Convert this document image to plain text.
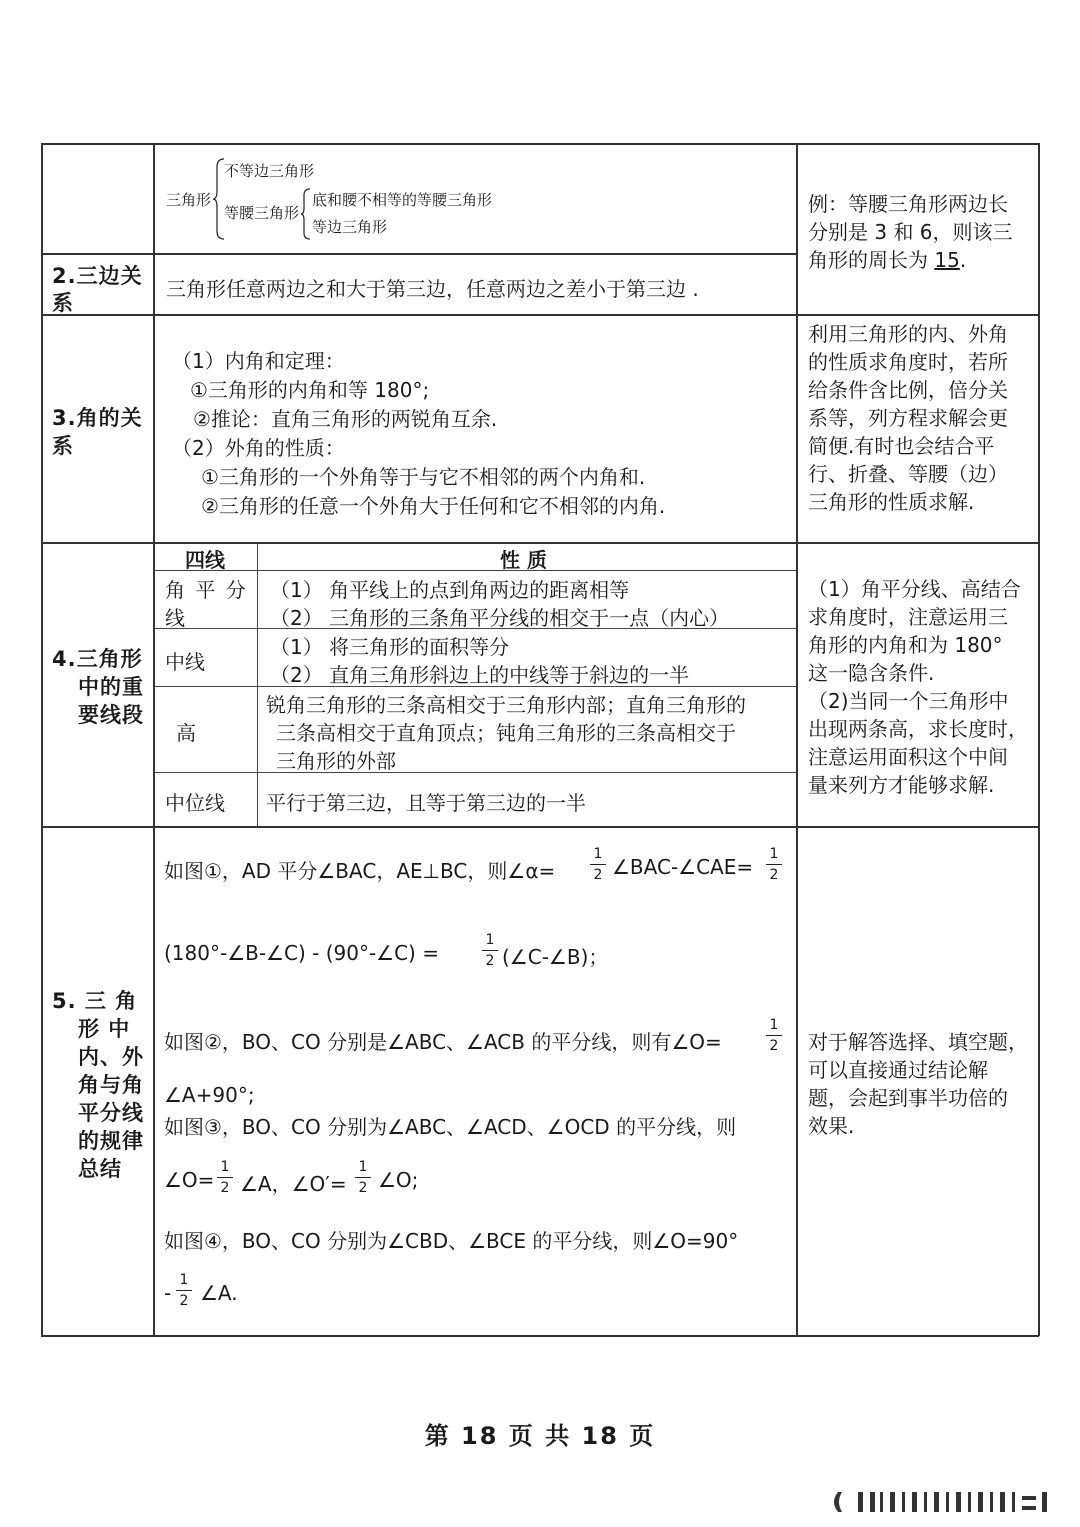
三角形
不等边三角形
等腰三角形
底和腰不相等的等腰三角形
等边三角形
例：等腰三角形两边长
分别是 3 和 6，则该三
角形的周长为 15.
2.三边关
系
三角形任意两边之和大于第三边，任意两边之差小于第三边 .
3.角的关
系
（1）内角和定理：
①三角形的内角和等 180°;
②推论：直角三角形的两锐角互余.
（2）外角的性质：
①三角形的一个外角等于与它不相邻的两个内角和.
②三角形的任意一个外角大于任何和它不相邻的内角.
利用三角形的内、外角
的性质求角度时，若所
给条件含比例，倍分关
系等，列方程求解会更
简便.有时也会结合平
行、折叠、等腰（边）
三角形的性质求解.
4.三角形
中的重
要线段
四线	性 质
角 平 分
线
（1） 角平线上的点到角两边的距离相等
（2） 三角形的三条角平分线的相交于一点（内心）
中线
（1） 将三角形的面积等分
（2） 直角三角形斜边上的中线等于斜边的一半
高
锐角三角形的三条高相交于三角形内部；直角三角形的
三条高相交于直角顶点；钝角三角形的三条高相交于
三角形的外部
中位线 平行于第三边，且等于第三边的一半
（1）角平分线、高结合
求角度时，注意运用三
角形的内角和为 180°
这一隐含条件.
（2)当同一个三角形中
出现两条高，求长度时，
注意运用面积这个中间
量来列方才能够求解.
5. 三 角
形 中
内、外
角与角
平分线
的规律
总结
如图①，AD 平分∠BAC，AE⊥BC，则∠α=
1
2 ∠BAC-∠CAE=
1
2
(180°-∠B-∠C) - (90°-∠C) =
1
2 (∠C-∠B)；
如图②，BO、CO 分别是∠ABC、∠ACB 的平分线，则有∠O=
1
2
∠A+90°;
如图③，BO、CO 分别为∠ABC、∠ACD、∠OCD 的平分线，则
∠O=
1
2 ∠A，∠O′=
1
2 ∠O;
如图④，BO、CO 分别为∠CBD、∠BCE 的平分线，则∠O=90°
-
1
2 ∠A.
对于解答选择、填空题，
可以直接通过结论解
题，会起到事半功倍的
效果.
第 18 页 共 18 页
